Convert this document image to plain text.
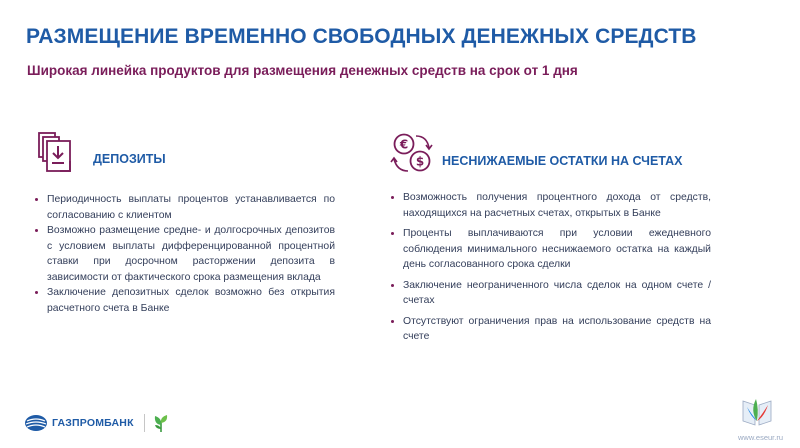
РАЗМЕЩЕНИЕ ВРЕМЕННО СВОБОДНЫХ ДЕНЕЖНЫХ СРЕДСТВ
Широкая линейка продуктов для размещения денежных средств на срок от 1 дня
ДЕПОЗИТЫ
Периодичность выплаты процентов устанавливается по согласованию с клиентом
Возможно размещение средне- и долгосрочных депозитов с условием выплаты дифференцированной процентной ставки при досрочном расторжении депозита в зависимости от фактического срока размещения вклада
Заключение депозитных сделок возможно без открытия расчетного счета в Банке
€
$ НЕСНИЖАЕМЫЕ ОСТАТКИ НА СЧЕТАХ
Возможность получения процентного дохода от средств, находящихся на расчетных счетах, открытых в Банке
Проценты выплачиваются при условии ежедневного соблюдения минимального неснижаемого остатка на каждый день согласованного срока сделки
Заключение неограниченного числа сделок на одном счете / счетах
Отсутствуют ограничения прав на использование средств на счете
ГАЗПРОМБАНК

www.eseur.ru
